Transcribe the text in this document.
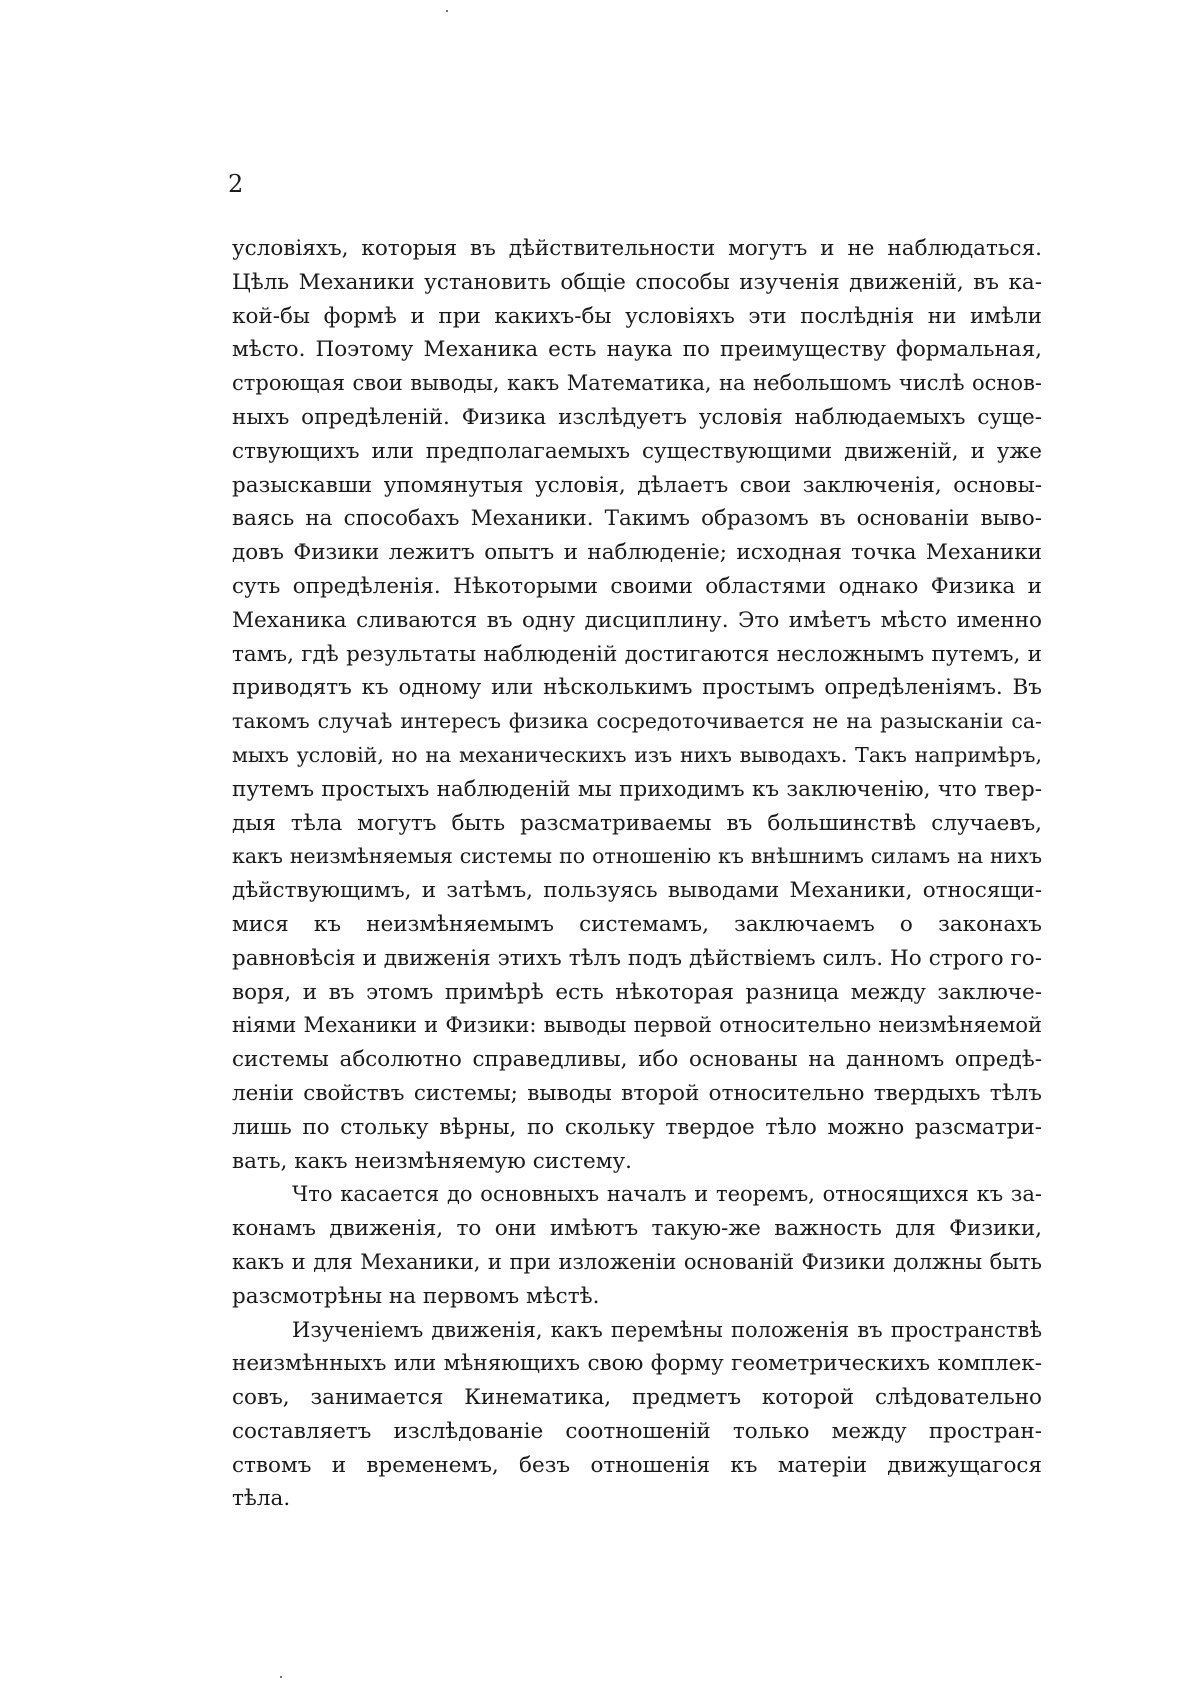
2
условіяхъ, которыя въ дѣйствительности могутъ и не наблюдаться.
Цѣль Механики установить общіе способы изученія движеній, въ ка-
кой-бы формѣ и при какихъ-бы условіяхъ эти послѣднія ни имѣли
мѣсто. Поэтому Механика есть наука по преимуществу формальная,
строющая свои выводы, какъ Математика, на небольшомъ числѣ основ-
ныхъ опредѣленій. Физика изслѣдуетъ условія наблюдаемыхъ суще-
ствующихъ или предполагаемыхъ существующими движеній, и уже
разыскавши упомянутыя условія, дѣлаетъ свои заключенія, основы-
ваясь на способахъ Механики. Такимъ образомъ въ основаніи выво-
довъ Физики лежитъ опытъ и наблюденіе; исходная точка Механики
суть опредѣленія. Нѣкоторыми своими областями однако Физика и
Механика сливаются въ одну дисциплину. Это имѣетъ мѣсто именно
тамъ, гдѣ результаты наблюденій достигаются несложнымъ путемъ, и
приводятъ къ одному или нѣсколькимъ простымъ опредѣленіямъ. Въ
такомъ случаѣ интересъ физика сосредоточивается не на разысканіи са-
мыхъ условій, но на механическихъ изъ нихъ выводахъ. Такъ напримѣръ,
путемъ простыхъ наблюденій мы приходимъ къ заключенію, что твер-
дыя тѣла могутъ быть разсматриваемы въ большинствѣ случаевъ,
какъ неизмѣняемыя системы по отношенію къ внѣшнимъ силамъ на нихъ
дѣйствующимъ, и затѣмъ, пользуясь выводами Механики, относящи-
мися къ неизмѣняемымъ системамъ, заключаемъ о законахъ
равновѣсія и движенія этихъ тѣлъ подъ дѣйствіемъ силъ. Но строго го-
воря, и въ этомъ примѣрѣ есть нѣкоторая разница между заключе-
ніями Механики и Физики: выводы первой относительно неизмѣняемой
системы абсолютно справедливы, ибо основаны на данномъ опредѣ-
леніи свойствъ системы; выводы второй относительно твердыхъ тѣлъ
лишь по стольку вѣрны, по скольку твердое тѣло можно разсматри-
вать, какъ неизмѣняемую систему.
Что касается до основныхъ началъ и теоремъ, относящихся къ за-
конамъ движенія, то они имѣютъ такую-же важность для Физики,
какъ и для Механики, и при изложеніи основаній Физики должны быть
разсмотрѣны на первомъ мѣстѣ.
Изученіемъ движенія, какъ перемѣны положенія въ пространствѣ
неизмѣнныхъ или мѣняющихъ свою форму геометрическихъ комплек-
совъ, занимается Кинематика, предметъ которой слѣдовательно
составляетъ изслѣдованіе соотношеній только между простран-
ствомъ и временемъ, безъ отношенія къ матеріи движущагося
тѣла.
